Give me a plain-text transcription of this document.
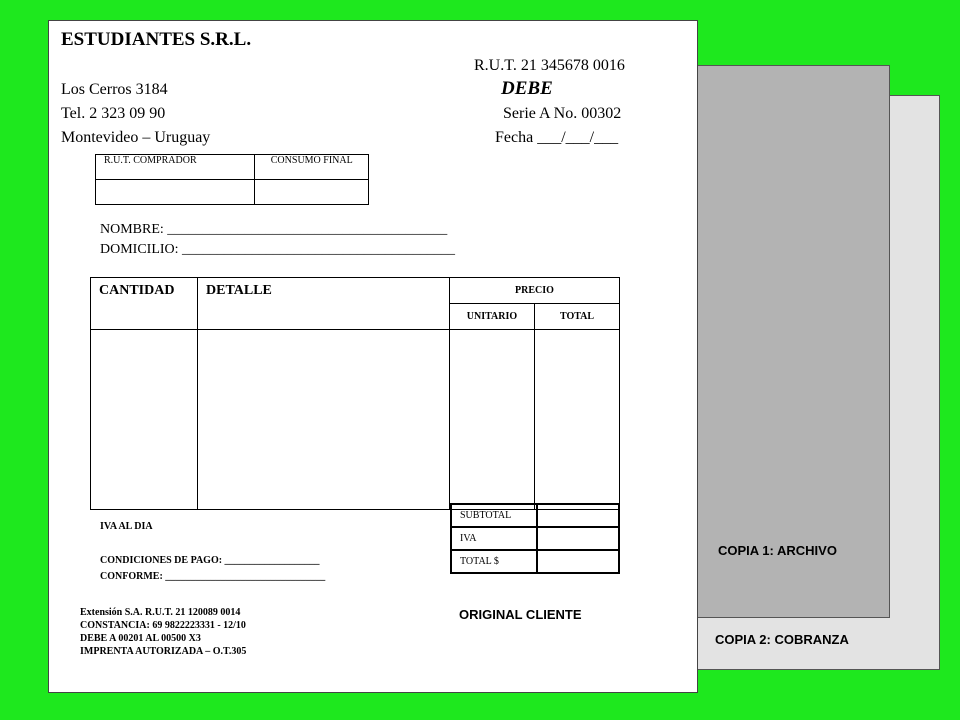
COPIA 2: COBRANZA
COPIA 1: ARCHIVO
ESTUDIANTES S.R.L.
R.U.T. 21 345678 0016
Los Cerros 3184	DEBE
Tel. 2 323 09 90	Serie A No. 00302
Montevideo – Uruguay	Fecha ___/___/___
R.U.T. COMPRADOR	CONSUMO FINAL

NOMBRE: ________________________________________
DOMICILIO: _______________________________________
CANTIDAD	DETALLE	PRECIO	
		UNITARIO	TOTAL

SUBTOTAL	
IVA	
TOTAL $	
IVA AL DIA
CONDICIONES DE PAGO: ___________________
CONFORME: ________________________________
ORIGINAL CLIENTE
Extensión S.A. R.U.T. 21 120089 0014
CONSTANCIA: 69 9822223331 - 12/10
DEBE A 00201 AL 00500 X3
IMPRENTA AUTORIZADA – O.T.305
